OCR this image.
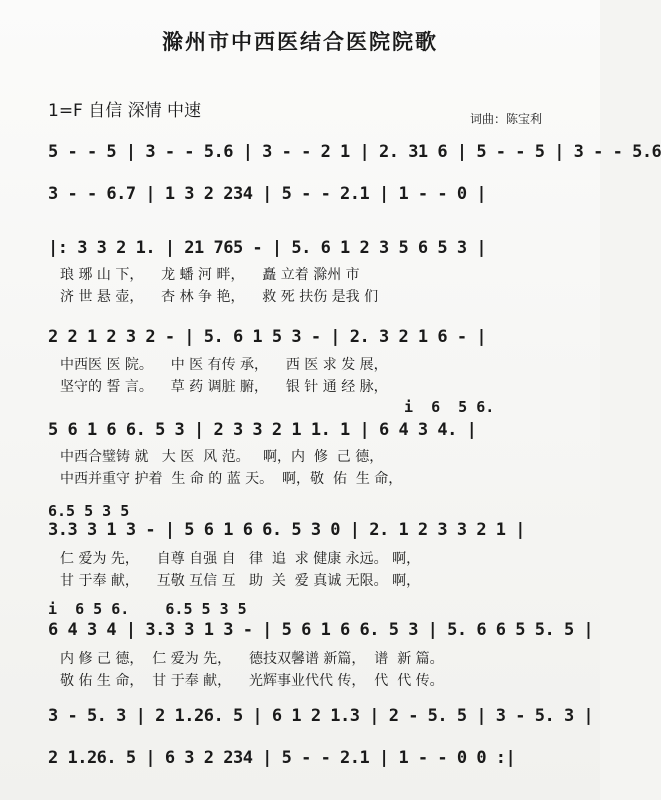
滁州市中西医结合医院院歌
1=F 自信 深情 中速	词曲：陈宝利
5 - - 5 | 3 - - 5.6 | 3 - - 2 1 | 2. 31 6 | 5 - - 5 | 3 - - 5.6
3 - - 6.7 | 1 3 2 234 | 5 - - 2.1 | 1 - - 0 |
|: 3 3 2 1. | 21 765 - | 5. 6 1 2 3 5 6 5 3 |
琅 琊 山 下，    龙 蟠 河 畔，    矗 立着 滁州 市
济 世 悬 壶，    杏 林 争 艳，    救 死 扶伤 是我 们
2 2 1 2 3 2 - | 5. 6 1 5 3 - | 2. 3 2 1 6 - |
中西医 医 院。    中 医 有传 承，    西 医 求 发 展，
坚守的 誓 言。    草 药 调脏 腑，    银 针 通 经 脉，
i  6  5 6.
5 6 1 6 6. 5 3 | 2 3 3 2 1 1. 1 | 6 4 3 4. |
中西合璧铸 就   大 医  风 范。   啊，内  修  己 德，
中西并重守 护着  生 命 的 蓝 天。  啊，敬  佑  生 命，
6.5 5 3 5
3.3 3 1 3 - | 5 6 1 6 6. 5 3 0 | 2. 1 2 3 3 2 1 |
仁 爱为 先，    自尊 自强 自   律  追  求 健康 永远。 啊，
甘 于奉 献，    互敬 互信 互   助  关  爱 真诚 无限。 啊，
i  6 5 6.    6.5 5 3 5
6 4 3 4 | 3.3 3 1 3 - | 5 6 1 6 6. 5 3 | 5. 6 6 5 5. 5 |
内 修 己 德，  仁 爱为 先，    德技双馨谱 新篇，  谱  新 篇。
敬 佑 生 命，  甘 于奉 献，    光辉事业代代 传，  代  代 传。
3 - 5. 3 | 2 1.26. 5 | 6 1 2 1.3 | 2 - 5. 5 | 3 - 5. 3 |
2 1.26. 5 | 6 3 2 234 | 5 - - 2.1 | 1 - - 0 0 :|
